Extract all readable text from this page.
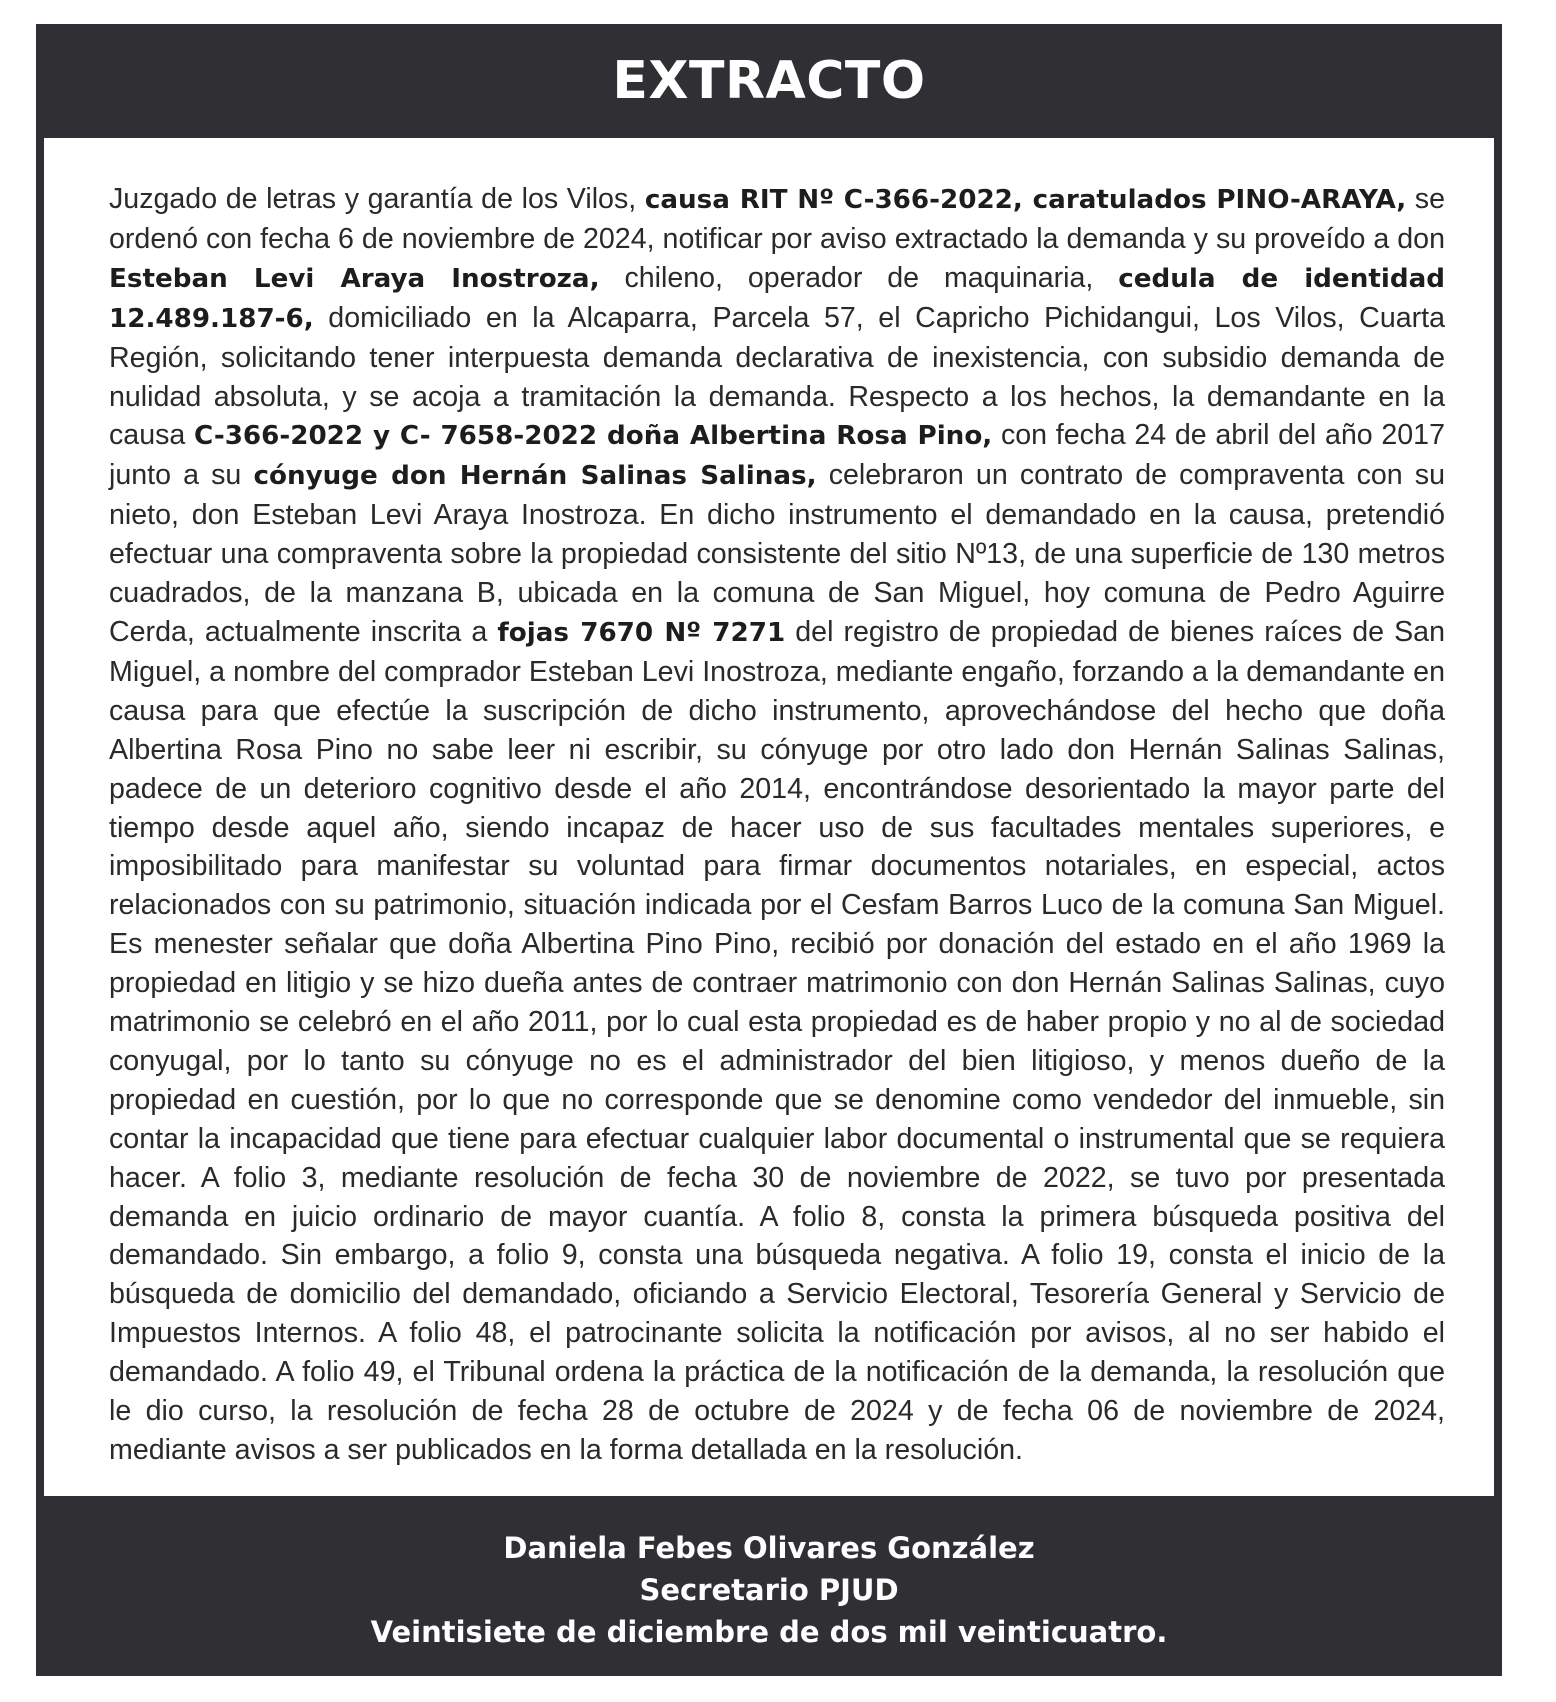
EXTRACTO

Juzgado de letras y garantía de los Vilos, causa RIT Nº C-366-2022, caratulados PINO-ARAYA, se ordenó con fecha 6 de noviembre de 2024, notificar por aviso extractado la demanda y su proveído a don Esteban Levi Araya Inostroza, chileno, operador de maquinaria, cedula de identidad 12.489.187-6, domiciliado en la Alcaparra, Parcela 57, el Capricho Pichidangui, Los Vilos, Cuarta Región, solicitando tener interpuesta demanda declarativa de inexistencia, con subsidio demanda de nulidad absoluta, y se acoja a tramitación la demanda. Respecto a los hechos, la demandante en la causa C-366-2022 y C- 7658-2022 doña Albertina Rosa Pino, con fecha 24 de abril del año 2017 junto a su cónyuge don Hernán Salinas Salinas, celebraron un contrato de compraventa con su nieto, don Esteban Levi Araya Inostroza. En dicho instrumento el demandado en la causa, pretendió efectuar una compraventa sobre la propiedad consistente del sitio Nº13, de una superficie de 130 metros cuadrados, de la manzana B, ubicada en la comuna de San Miguel, hoy comuna de Pedro Aguirre Cerda, actualmente inscrita a fojas 7670 Nº 7271 del registro de propiedad de bienes raíces de San Miguel, a nombre del comprador Esteban Levi Inostroza, mediante engaño, forzando a la demandante en causa para que efectúe la suscripción de dicho instrumento, aprovechándose del hecho que doña Albertina Rosa Pino no sabe leer ni escribir, su cónyuge por otro lado don Hernán Salinas Salinas, padece de un deterioro cognitivo desde el año 2014, encontrándose desorientado la mayor parte del tiempo desde aquel año, siendo incapaz de hacer uso de sus facultades mentales superiores, e imposibilitado para manifestar su voluntad para firmar documentos notariales, en especial, actos relacionados con su patrimonio, situación indicada por el Cesfam Barros Luco de la comuna San Miguel. Es menester señalar que doña Albertina Pino Pino, recibió por donación del estado en el año 1969 la propiedad en litigio y se hizo dueña antes de contraer matrimonio con don Hernán Salinas Salinas, cuyo matrimonio se celebró en el año 2011, por lo cual esta propiedad es de haber propio y no al de sociedad conyugal, por lo tanto su cónyuge no es el administrador del bien litigioso, y menos dueño de la propiedad en cuestión, por lo que no corresponde que se denomine como vendedor del inmueble, sin contar la incapacidad que tiene para efectuar cualquier labor documental o instrumental que se requiera hacer. A folio 3, mediante resolución de fecha 30 de noviembre de 2022, se tuvo por presentada demanda en juicio ordinario de mayor cuantía. A folio 8, consta la primera búsqueda positiva del demandado. Sin embargo, a folio 9, consta una búsqueda negativa. A folio 19, consta el inicio de la búsqueda de domicilio del demandado, oficiando a Servicio Electoral, Tesorería General y Servicio de Impuestos Internos. A folio 48, el patrocinante solicita la notificación por avisos, al no ser habido el demandado. A folio 49, el Tribunal ordena la práctica de la notificación de la demanda, la resolución que le dio curso, la resolución de fecha 28 de octubre de 2024 y de fecha 06 de noviembre de 2024, mediante avisos a ser publicados en la forma detallada en la resolución.

Daniela Febes Olivares González
Secretario PJUD
Veintisiete de diciembre de dos mil veinticuatro.
